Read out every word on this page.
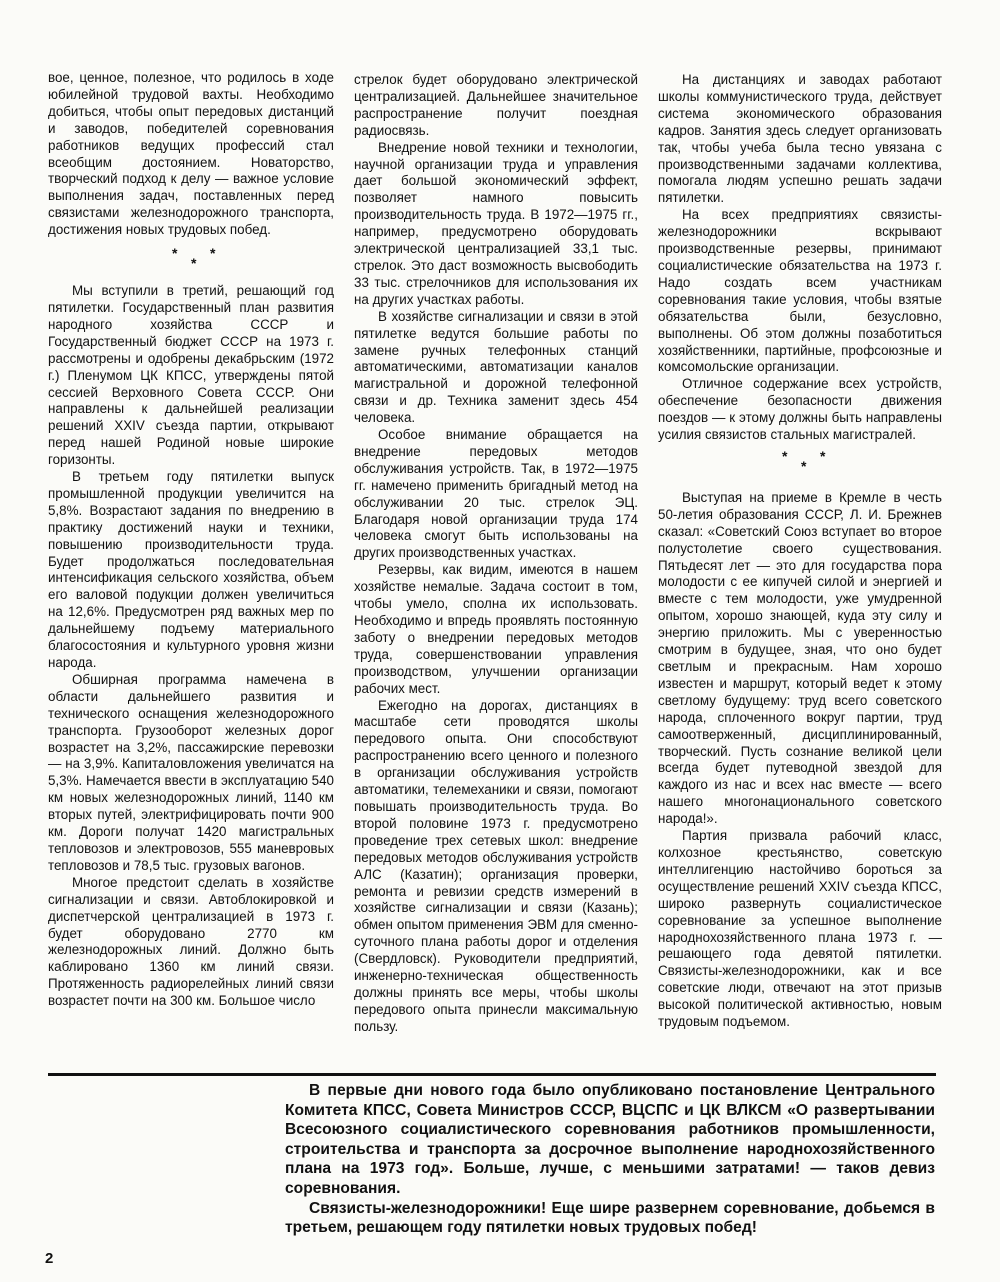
вое, ценное, полезное, что родилось в ходе юбилейной трудовой вахты. Необходимо добиться, чтобы опыт передовых дистанций и заводов, победителей соревнования работников ведущих профессий стал всеобщим достоянием. Новаторство, творческий подход к делу — важное условие выполнения задач, поставленных перед связистами железнодорожного транспорта, достижения новых трудовых побед.

*
*
*

Мы вступили в третий, решающий год пятилетки. Государственный план развития народного хозяйства СССР и Государственный бюджет СССР на 1973 г. рассмотрены и одобрены декабрьским (1972 г.) Пленумом ЦК КПСС, утверждены пятой сессией Верховного Совета СССР. Они направлены к дальнейшей реализации решений XXIV съезда партии, открывают перед нашей Родиной новые широкие горизонты.

В третьем году пятилетки выпуск промышленной продукции увеличится на 5,8%. Возрастают задания по внедрению в практику достижений науки и техники, повышению производительности труда. Будет продолжаться последовательная интенсификация сельского хозяйства, объем его валовой подукции должен увеличиться на 12,6%. Предусмотрен ряд важных мер по дальнейшему подъему материального благосостояния и культурного уровня жизни народа.

Обширная программа намечена в области дальнейшего развития и технического оснащения железнодорожного транспорта. Грузооборот железных дорог возрастет на 3,2%, пассажирские перевозки — на 3,9%. Капиталовложения увеличатся на 5,3%. Намечается ввести в эксплуатацию 540 км новых железнодорожных линий, 1140 км вторых путей, электрифицировать почти 900 км. Дороги получат 1420 магистральных тепловозов и электровозов, 555 маневровых тепловозов и 78,5 тыс. грузовых вагонов.

Многое предстоит сделать в хозяйстве сигнализации и связи. Автоблокировкой и диспетчерской централизацией в 1973 г. будет оборудовано 2770 км железнодорожных линий. Должно быть каблировано 1360 км линий связи. Протяженность радиорелейных линий связи возрастет почти на 300 км. Большое число

стрелок будет оборудовано электрической централизацией. Дальнейшее значительное распространение получит поездная радиосвязь.

Внедрение новой техники и технологии, научной организации труда и управления дает большой экономический эффект, позволяет намного повысить производительность труда. В 1972—1975 гг., например, предусмотрено оборудовать электрической централизацией 33,1 тыс. стрелок. Это даст возможность высвободить 33 тыс. стрелочников для использования их на других участках работы.

В хозяйстве сигнализации и связи в этой пятилетке ведутся большие работы по замене ручных телефонных станций автоматическими, автоматизации каналов магистральной и дорожной телефонной связи и др. Техника заменит здесь 454 человека.

Особое внимание обращается на внедрение передовых методов обслуживания устройств. Так, в 1972—1975 гг. намечено применить бригадный метод на обслуживании 20 тыс. стрелок ЭЦ. Благодаря новой организации труда 174 человека смогут быть использованы на других производственных участках.

Резервы, как видим, имеются в нашем хозяйстве немалые. Задача состоит в том, чтобы умело, сполна их использовать. Необходимо и впредь проявлять постоянную заботу о внедрении передовых методов труда, совершенствовании управления производством, улучшении организации рабочих мест.

Ежегодно на дорогах, дистанциях в масштабе сети проводятся школы передового опыта. Они способствуют распространению всего ценного и полезного в организации обслуживания устройств автоматики, телемеханики и связи, помогают повышать производительность труда. Во второй половине 1973 г. предусмотрено проведение трех сетевых школ: внедрение передовых методов обслуживания устройств АЛС (Казатин); организация проверки, ремонта и ревизии средств измерений в хозяйстве сигнализации и связи (Казань); обмен опытом применения ЭВМ для сменно-суточного плана работы дорог и отделения (Свердловск). Руководители предприятий, инженерно-техническая общественность должны принять все меры, чтобы школы передового опыта принесли максимальную пользу.

На дистанциях и заводах работают школы коммунистического труда, действует система экономического образования кадров. Занятия здесь следует организовать так, чтобы учеба была тесно увязана с производственными задачами коллектива, помогала людям успешно решать задачи пятилетки.

На всех предприятиях связисты-железнодорожники вскрывают производственные резервы, принимают социалистические обязательства на 1973 г. Надо создать всем участникам соревнования такие условия, чтобы взятые обязательства были, безусловно, выполнены. Об этом должны позаботиться хозяйственники, партийные, профсоюзные и комсомольские организации.

Отличное содержание всех устройств, обеспечение безопасности движения поездов — к этому должны быть направлены усилия связистов стальных магистралей.

*
*
*

Выступая на приеме в Кремле в честь 50-летия образования СССР, Л. И. Брежнев сказал: «Советский Союз вступает во второе полустолетие своего существования. Пятьдесят лет — это для государства пора молодости с ее кипучей силой и энергией и вместе с тем молодости, уже умудренной опытом, хорошо знающей, куда эту силу и энергию приложить. Мы с уверенностью смотрим в будущее, зная, что оно будет светлым и прекрасным. Нам хорошо известен и маршрут, который ведет к этому светлому будущему: труд всего советского народа, сплоченного вокруг партии, труд самоотверженный, дисциплинированный, творческий. Пусть сознание великой цели всегда будет путеводной звездой для каждого из нас и всех нас вместе — всего нашего многонационального советского народа!».

Партия призвала рабочий класс, колхозное крестьянство, советскую интеллигенцию настойчиво бороться за осуществление решений XXIV съезда КПСС, широко развернуть социалистическое соревнование за успешное выполнение народнохозяйственного плана 1973 г. — решающего года девятой пятилетки. Связисты-железнодорожники, как и все советские люди, отвечают на этот призыв высокой политической активностью, новым трудовым подъемом.

В первые дни нового года было опубликовано постановление Центрального Комитета КПСС, Совета Министров СССР, ВЦСПС и ЦК ВЛКСМ «О развертывании Всесоюзного социалистического соревнования работников промышленности, строительства и транспорта за досрочное выполнение народнохозяйственного плана на 1973 год». Больше, лучше, с меньшими затратами! — таков девиз соревнования.

Связисты-железнодорожники! Еще шире развернем соревнование, добьемся в третьем, решающем году пятилетки новых трудовых побед!

2
